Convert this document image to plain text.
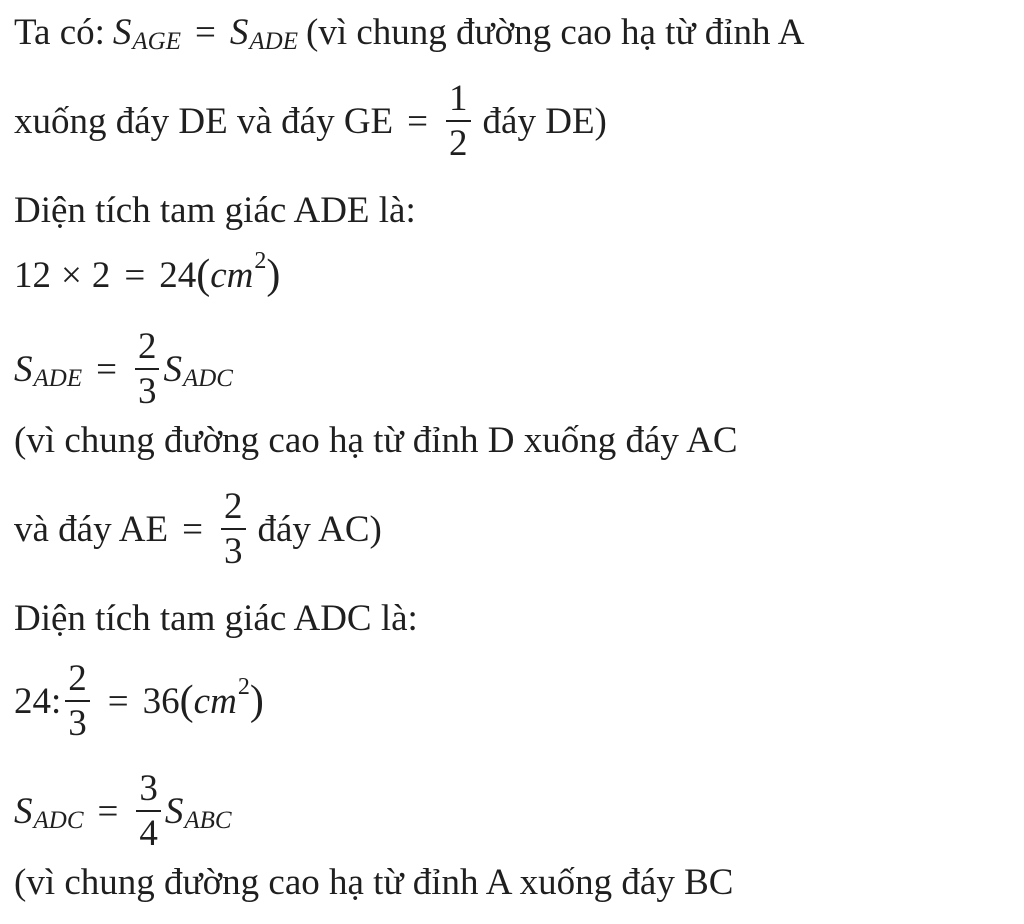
Ta có: S AGE = S ADE (vì chung đường cao hạ từ đỉnh A
xuống đáy DE và đáy GE = $\frac{1}{2}$ đáy DE)
Diện tích tam giác ADE là:
12 × 2 = 24 ( cm 2 )
S ADE = $\frac{2}{3}$ S ADC
(vì chung đường cao hạ từ đỉnh D xuống đáy AC
và đáy AE = $\frac{2}{3}$ đáy AC)
Diện tích tam giác ADC là:
24 : $\frac{2}{3} = 36$ ( cm 2 )
S ADC = $\frac{3}{4}$ S ABC
(vì chung đường cao hạ từ đỉnh A xuống đáy BC
